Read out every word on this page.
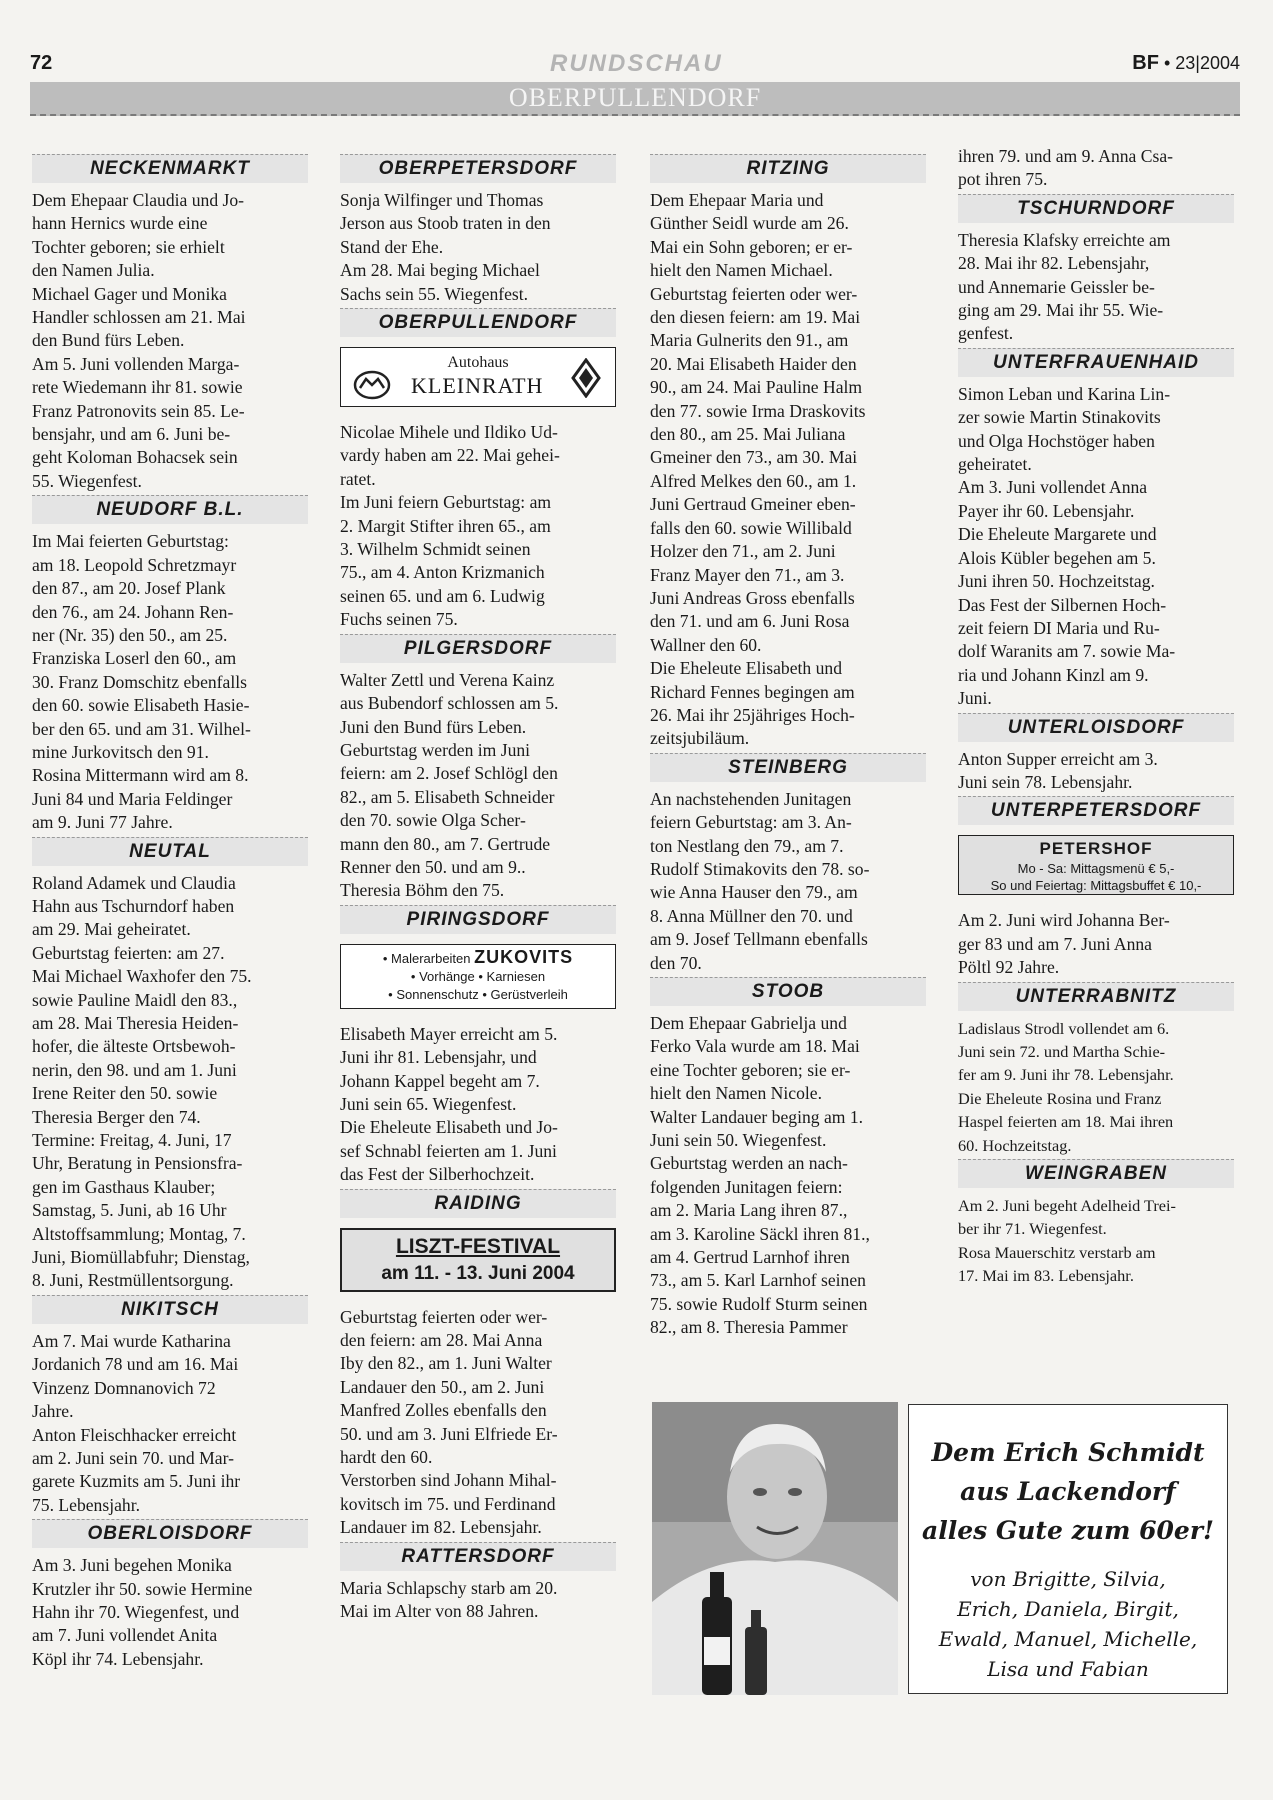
72	RUNDSCHAU	BF • 23|2004
OBERPULLENDORF
NECKENMARKT

Dem Ehepaar Claudia und Jo-

hann Hernics wurde eine

Tochter geboren; sie erhielt

den Namen Julia.

Michael Gager und Monika

Handler schlossen am 21. Mai

den Bund fürs Leben.

Am 5. Juni vollenden Marga-

rete Wiedemann ihr 81. sowie

Franz Patronovits sein 85. Le-

bensjahr, und am 6. Juni be-

geht Koloman Bohacsek sein

55. Wiegenfest.

NEUDORF B.L.

Im Mai feierten Geburtstag:

am 18. Leopold Schretzmayr

den 87., am 20. Josef Plank

den 76., am 24. Johann Ren-

ner (Nr. 35) den 50., am 25.

Franziska Loserl den 60., am

30. Franz Domschitz ebenfalls

den 60. sowie Elisabeth Hasie-

ber den 65. und am 31. Wilhel-

mine Jurkovitsch den 91.

Rosina Mittermann wird am 8.

Juni 84 und Maria Feldinger

am 9. Juni 77 Jahre.

NEUTAL

Roland Adamek und Claudia

Hahn aus Tschurndorf haben

am 29. Mai geheiratet.

Geburtstag feierten: am 27.

Mai Michael Waxhofer den 75.

sowie Pauline Maidl den 83.,

am 28. Mai Theresia Heiden-

hofer, die älteste Ortsbewoh-

nerin, den 98. und am 1. Juni

Irene Reiter den 50. sowie

Theresia Berger den 74.

Termine: Freitag, 4. Juni, 17

Uhr, Beratung in Pensionsfra-

gen im Gasthaus Klauber;

Samstag, 5. Juni, ab 16 Uhr

Altstoffsammlung; Montag, 7.

Juni, Biomüllabfuhr; Dienstag,

8. Juni, Restmüllentsorgung.

NIKITSCH

Am 7. Mai wurde Katharina

Jordanich 78 und am 16. Mai

Vinzenz Domnanovich 72

Jahre.

Anton Fleischhacker erreicht

am 2. Juni sein 70. und Mar-

garete Kuzmits am 5. Juni ihr

75. Lebensjahr.

OBERLOISDORF

Am 3. Juni begehen Monika

Krutzler ihr 50. sowie Hermine

Hahn ihr 70. Wiegenfest, und

am 7. Juni vollendet Anita

Köpl ihr 74. Lebensjahr.

OBERPETERSDORF

Sonja Wilfinger und Thomas

Jerson aus Stoob traten in den

Stand der Ehe.

Am 28. Mai beging Michael

Sachs sein 55. Wiegenfest.

OBERPULLENDORF
Autohaus
KLEINRATH

Nicolae Mihele und Ildiko Ud-

vardy haben am 22. Mai gehei-

ratet.

Im Juni feiern Geburtstag: am

2. Margit Stifter ihren 65., am

3. Wilhelm Schmidt seinen

75., am 4. Anton Krizmanich

seinen 65. und am 6. Ludwig

Fuchs seinen 75.

PILGERSDORF

Walter Zettl und Verena Kainz

aus Bubendorf schlossen am 5.

Juni den Bund fürs Leben.

Geburtstag werden im Juni

feiern: am 2. Josef Schlögl den

82., am 5. Elisabeth Schneider

den 70. sowie Olga Scher-

mann den 80., am 7. Gertrude

Renner den 50. und am 9..

Theresia Böhm den 75.

PIRINGSDORF
• Malerarbeiten ZUKOVITS
• Vorhänge • Karniesen
• Sonnenschutz • Gerüstverleih

Elisabeth Mayer erreicht am 5.

Juni ihr 81. Lebensjahr, und

Johann Kappel begeht am 7.

Juni sein 65. Wiegenfest.

Die Eheleute Elisabeth und Jo-

sef Schnabl feierten am 1. Juni

das Fest der Silberhochzeit.

RAIDING
LISZT-FESTIVAL
am 11. - 13. Juni 2004

Geburtstag feierten oder wer-

den feiern: am 28. Mai Anna

Iby den 82., am 1. Juni Walter

Landauer den 50., am 2. Juni

Manfred Zolles ebenfalls den

50. und am 3. Juni Elfriede Er-

hardt den 60.

Verstorben sind Johann Mihal-

kovitsch im 75. und Ferdinand

Landauer im 82. Lebensjahr.

RATTERSDORF

Maria Schlapschy starb am 20.

Mai im Alter von 88 Jahren.

RITZING

Dem Ehepaar Maria und

Günther Seidl wurde am 26.

Mai ein Sohn geboren; er er-

hielt den Namen Michael.

Geburtstag feierten oder wer-

den diesen feiern: am 19. Mai

Maria Gulnerits den 91., am

20. Mai Elisabeth Haider den

90., am 24. Mai Pauline Halm

den 77. sowie Irma Draskovits

den 80., am 25. Mai Juliana

Gmeiner den 73., am 30. Mai

Alfred Melkes den 60., am 1.

Juni Gertraud Gmeiner eben-

falls den 60. sowie Willibald

Holzer den 71., am 2. Juni

Franz Mayer den 71., am 3.

Juni Andreas Gross ebenfalls

den 71. und am 6. Juni Rosa

Wallner den 60.

Die Eheleute Elisabeth und

Richard Fennes begingen am

26. Mai ihr 25jähriges Hoch-

zeitsjubiläum.

STEINBERG

An nachstehenden Junitagen

feiern Geburtstag: am 3. An-

ton Nestlang den 79., am 7.

Rudolf Stimakovits den 78. so-

wie Anna Hauser den 79., am

8. Anna Müllner den 70. und

am 9. Josef Tellmann ebenfalls

den 70.

STOOB

Dem Ehepaar Gabrielja und

Ferko Vala wurde am 18. Mai

eine Tochter geboren; sie er-

hielt den Namen Nicole.

Walter Landauer beging am 1.

Juni sein 50. Wiegenfest.

Geburtstag werden an nach-

folgenden Junitagen feiern:

am 2. Maria Lang ihren 87.,

am 3. Karoline Säckl ihren 81.,

am 4. Gertrud Larnhof ihren

73., am 5. Karl Larnhof seinen

75. sowie Rudolf Sturm seinen

82., am 8. Theresia Pammer

ihren 79. und am 9. Anna Csa-

pot ihren 75.

TSCHURNDORF

Theresia Klafsky erreichte am

28. Mai ihr 82. Lebensjahr,

und Annemarie Geissler be-

ging am 29. Mai ihr 55. Wie-

genfest.

UNTERFRAUENHAID

Simon Leban und Karina Lin-

zer sowie Martin Stinakovits

und Olga Hochstöger haben

geheiratet.

Am 3. Juni vollendet Anna

Payer ihr 60. Lebensjahr.

Die Eheleute Margarete und

Alois Kübler begehen am 5.

Juni ihren 50. Hochzeitstag.

Das Fest der Silbernen Hoch-

zeit feiern DI Maria und Ru-

dolf Waranits am 7. sowie Ma-

ria und Johann Kinzl am 9.

Juni.

UNTERLOISDORF

Anton Supper erreicht am 3.

Juni sein 78. Lebensjahr.

UNTERPETERSDORF
PETERSHOF
Mo - Sa: Mittagsmenü € 5,-
So und Feiertag: Mittagsbuffet € 10,-

Am 2. Juni wird Johanna Ber-

ger 83 und am 7. Juni Anna

Pöltl 92 Jahre.

UNTERRABNITZ

Ladislaus Strodl vollendet am 6.

Juni sein 72. und Martha Schie-

fer am 9. Juni ihr 78. Lebensjahr.

Die Eheleute Rosina und Franz

Haspel feierten am 18. Mai ihren

60. Hochzeitstag.

WEINGRABEN

Am 2. Juni begeht Adelheid Trei-

ber ihr 71. Wiegenfest.

Rosa Mauerschitz verstarb am

17. Mai im 83. Lebensjahr.

Dem Erich Schmidt
aus Lackendorf
alles Gute zum 60er!
von Brigitte, Silvia,
Erich, Daniela, Birgit,
Ewald, Manuel, Michelle,
Lisa und Fabian
